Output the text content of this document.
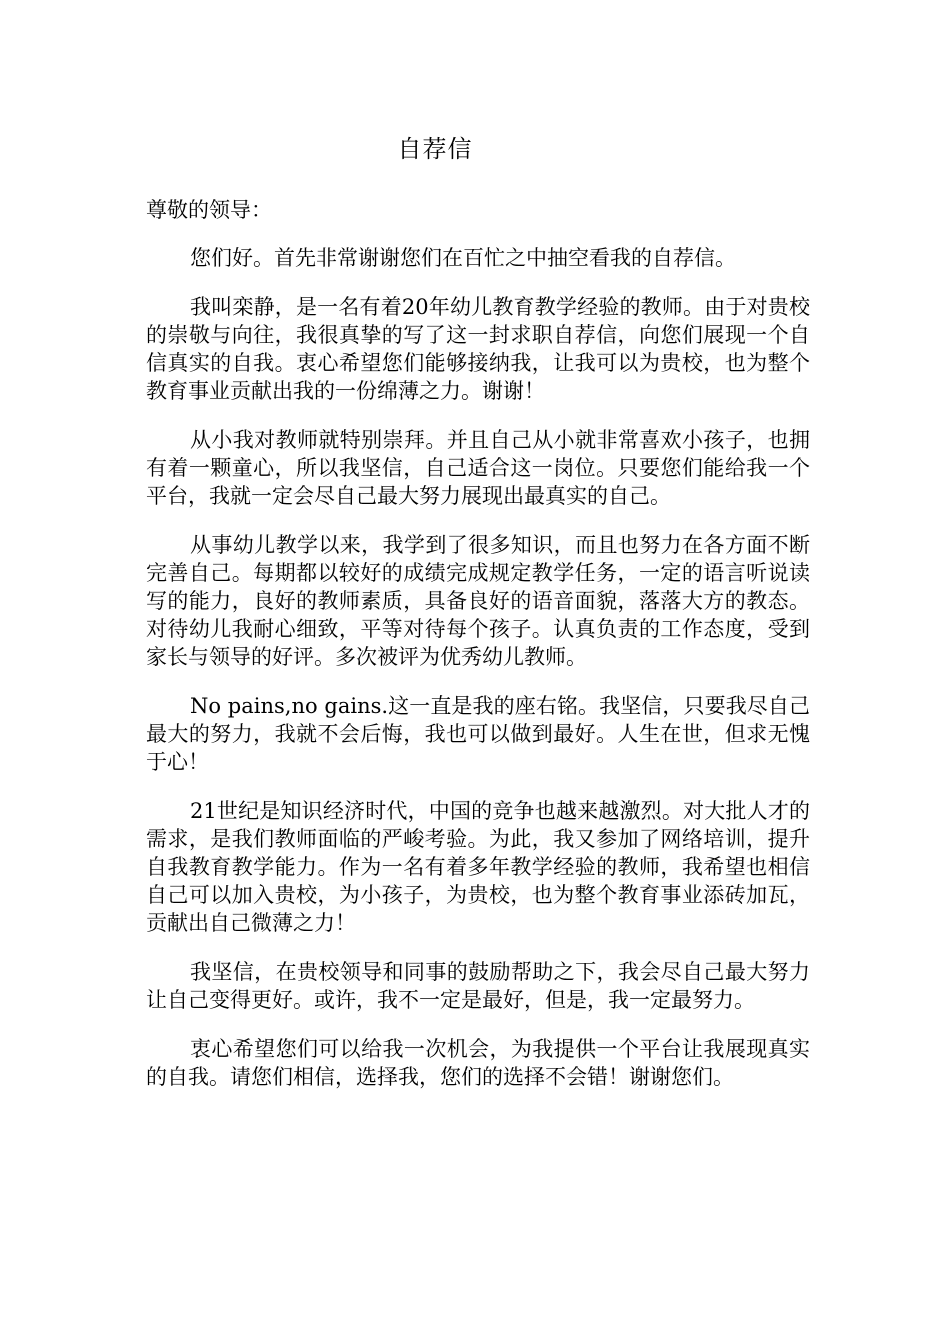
自荐信

尊敬的领导：

您们好。首先非常谢谢您们在百忙之中抽空看我的自荐信。

我叫栾静，是一名有着20年幼儿教育教学经验的教师。由于对贵校的崇敬与向往，我很真挚的写了这一封求职自荐信，向您们展现一个自信真实的自我。衷心希望您们能够接纳我，让我可以为贵校，也为整个教育事业贡献出我的一份绵薄之力。谢谢！

从小我对教师就特别崇拜。并且自己从小就非常喜欢小孩子，也拥有着一颗童心，所以我坚信，自己适合这一岗位。只要您们能给我一个平台，我就一定会尽自己最大努力展现出最真实的自己。

从事幼儿教学以来，我学到了很多知识，而且也努力在各方面不断完善自己。每期都以较好的成绩完成规定教学任务，一定的语言听说读写的能力，良好的教师素质，具备良好的语音面貌，落落大方的教态。对待幼儿我耐心细致，平等对待每个孩子。认真负责的工作态度，受到家长与领导的好评。多次被评为优秀幼儿教师。

No pains,no gains.这一直是我的座右铭。我坚信，只要我尽自己最大的努力，我就不会后悔，我也可以做到最好。人生在世，但求无愧于心！

21世纪是知识经济时代，中国的竞争也越来越激烈。对大批人才的需求，是我们教师面临的严峻考验。为此，我又参加了网络培训，提升自我教育教学能力。作为一名有着多年教学经验的教师，我希望也相信自己可以加入贵校，为小孩子，为贵校，也为整个教育事业添砖加瓦，贡献出自己微薄之力！

我坚信，在贵校领导和同事的鼓励帮助之下，我会尽自己最大努力让自己变得更好。或许，我不一定是最好，但是，我一定最努力。

衷心希望您们可以给我一次机会，为我提供一个平台让我展现真实的自我。请您们相信，选择我，您们的选择不会错！谢谢您们。
